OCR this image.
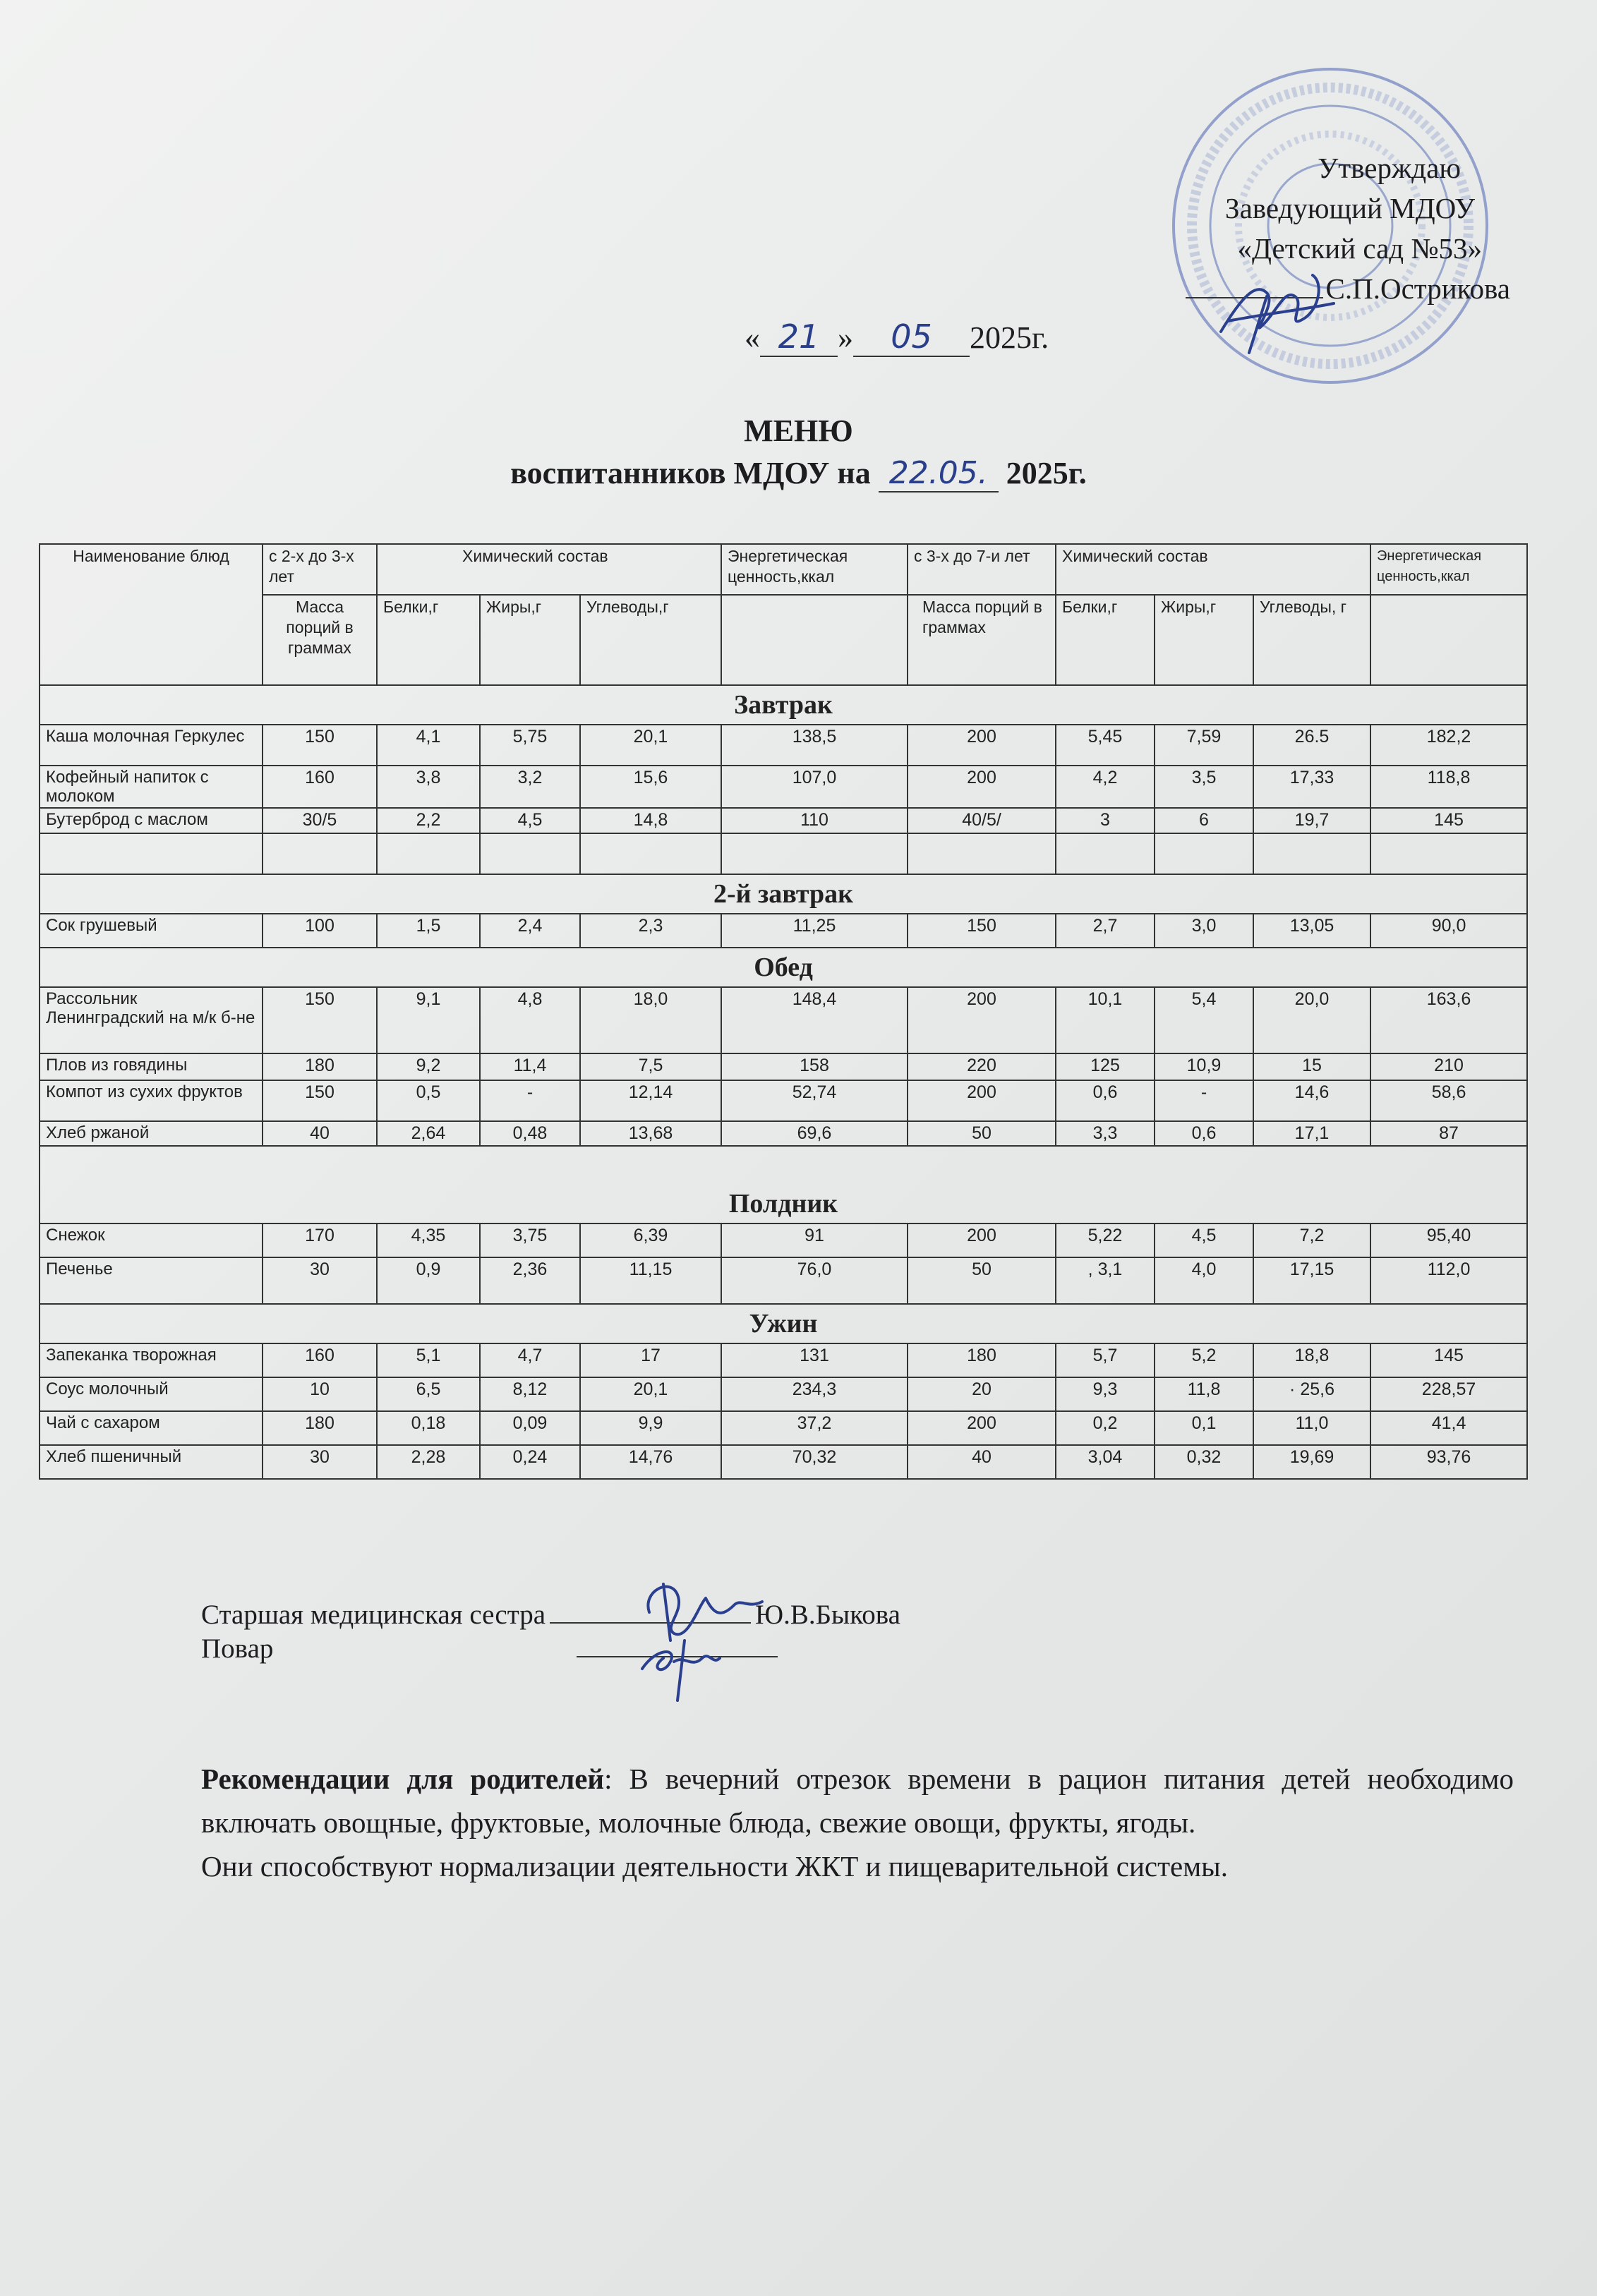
Утверждаю
Заведующий МДОУ
«Детский сад №53»
С.П.Острикова
« 21 » 05 2025г.
МЕНЮ
воспитанников МДОУ на 22.05. 2025г.
Наименование блюд	с 2-х до 3-х лет	Химический состав			Энергетическая ценность,ккал	с 3-х до 7-и лет	Химический состав			Энергетическая ценность,ккал
	Масса порций в граммах	Белки,г	Жиры,г	Углеводы,г		Масса порций в граммах	Белки,г	Жиры,г	Углеводы, г	
Завтрак										
Каша молочная Геркулес	150	4,1	5,75	20,1	138,5	200	5,45	7,59	26.5	182,2
Кофейный напиток с молоком	160	3,8	3,2	15,6	107,0	200	4,2	3,5	17,33	118,8
Бутерброд с маслом	30/5	2,2	4,5	14,8	110	40/5/	3	6	19,7	145

2-й завтрак										
Сок грушевый	100	1,5	2,4	2,3	11,25	150	2,7	3,0	13,05	90,0
Обед										
Рассольник Ленинградский на м/к б-не	150	9,1	4,8	18,0	148,4	200	10,1	5,4	20,0	163,6
Плов из говядины	180	9,2	11,4	7,5	158	220	125	10,9	15	210
Компот из сухих фруктов	150	0,5	-	12,14	52,74	200	0,6	-	14,6	58,6
Хлеб ржаной	40	2,64	0,48	13,68	69,6	50	3,3	0,6	17,1	87
Полдник										
Снежок	170	4,35	3,75	6,39	91	200	5,22	4,5	7,2	95,40
Печенье	30	0,9	2,36	11,15	76,0	50	, 3,1	4,0	17,15	112,0
Ужин										
Запеканка творожная	160	5,1	4,7	17	131	180	5,7	5,2	18,8	145
Соус молочный	10	6,5	8,12	20,1	234,3	20	9,3	11,8	· 25,6	228,57
Чай с сахаром	180	0,18	0,09	9,9	37,2	200	0,2	0,1	11,0	41,4
Хлеб пшеничный	30	2,28	0,24	14,76	70,32	40	3,04	0,32	19,69	93,76
Старшая медицинская сестра	Ю.В.Быкова
Повар

Рекомендации для родителей: В вечерний отрезок времени в рацион питания детей необходимо включать овощные, фруктовые, молочные блюда, свежие овощи, фрукты, ягоды.

Они способствуют нормализации деятельности ЖКТ и пищеварительной системы.
